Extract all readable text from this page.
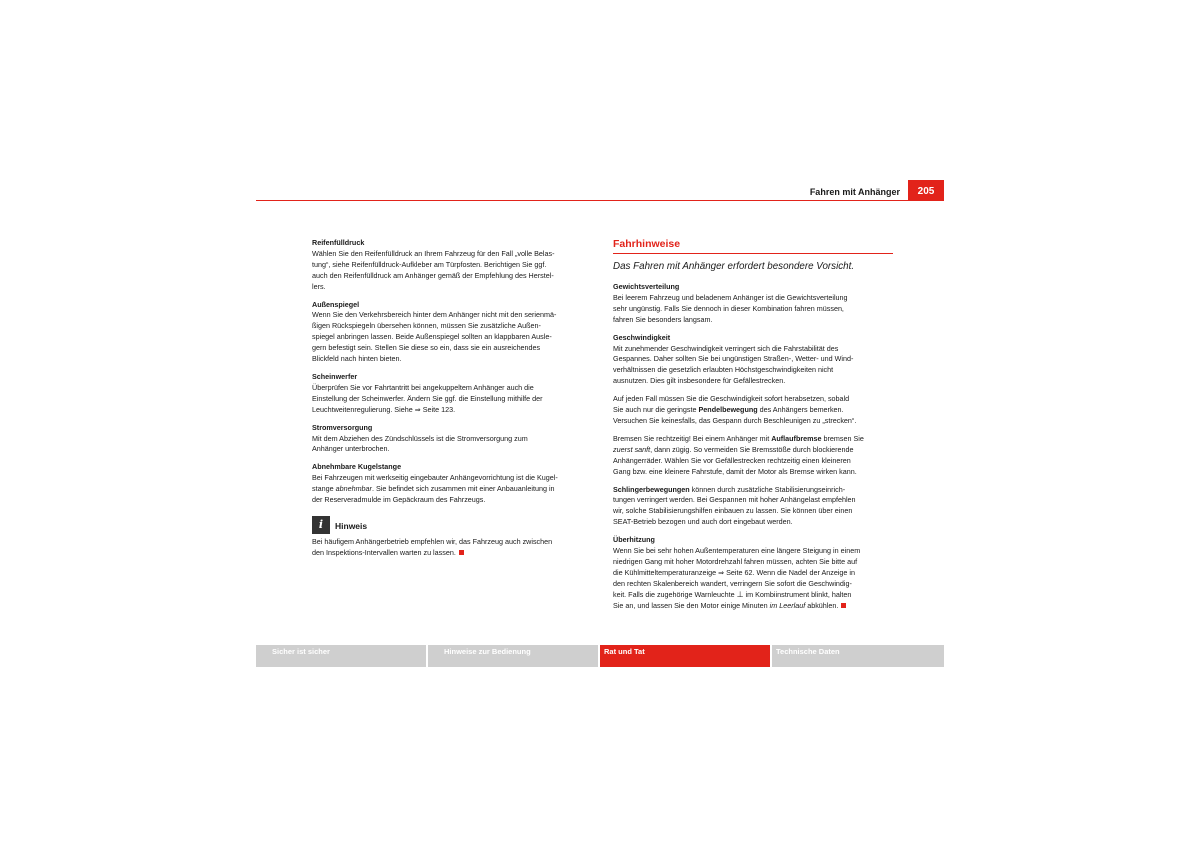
Fahren mit Anhänger	205
Reifenfülldruck
Wählen Sie den Reifenfülldruck an Ihrem Fahrzeug für den Fall „volle Belas-
tung“, siehe Reifenfülldruck-Aufkleber am Türpfosten. Berichtigen Sie ggf.
auch den Reifenfülldruck am Anhänger gemäß der Empfehlung des Herstel-
lers.
Außenspiegel
Wenn Sie den Verkehrsbereich hinter dem Anhänger nicht mit den serienmä-
ßigen Rückspiegeln übersehen können, müssen Sie zusätzliche Außen-
spiegel anbringen lassen. Beide Außenspiegel sollten an klappbaren Ausle-
gern befestigt sein. Stellen Sie diese so ein, dass sie ein ausreichendes
Blickfeld nach hinten bieten.
Scheinwerfer
Überprüfen Sie vor Fahrtantritt bei angekuppeltem Anhänger auch die
Einstellung der Scheinwerfer. Ändern Sie ggf. die Einstellung mithilfe der
Leuchtweitenregulierung. Siehe ⇒ Seite 123.
Stromversorgung
Mit dem Abziehen des Zündschlüssels ist die Stromversorgung zum
Anhänger unterbrochen.
Abnehmbare Kugelstange
Bei Fahrzeugen mit werkseitig eingebauter Anhängevorrichtung ist die Kugel-
stange abnehmbar. Sie befindet sich zusammen mit einer Anbauanleitung in
der Reserveradmulde im Gepäckraum des Fahrzeugs.
i	Hinweis
Bei häufigem Anhängerbetrieb empfehlen wir, das Fahrzeug auch zwischen
den Inspektions-Intervallen warten zu lassen.
Fahrhinweise
Das Fahren mit Anhänger erfordert besondere Vorsicht.
Gewichtsverteilung
Bei leerem Fahrzeug und beladenem Anhänger ist die Gewichtsverteilung
sehr ungünstig. Falls Sie dennoch in dieser Kombination fahren müssen,
fahren Sie besonders langsam.
Geschwindigkeit
Mit zunehmender Geschwindigkeit verringert sich die Fahrstabilität des
Gespannes. Daher sollten Sie bei ungünstigen Straßen-, Wetter- und Wind-
verhältnissen die gesetzlich erlaubten Höchstgeschwindigkeiten nicht
ausnutzen. Dies gilt insbesondere für Gefällestrecken.
Auf jeden Fall müssen Sie die Geschwindigkeit sofort herabsetzen, sobald
Sie auch nur die geringste Pendelbewegung des Anhängers bemerken.
Versuchen Sie keinesfalls, das Gespann durch Beschleunigen zu „strecken“.
Bremsen Sie rechtzeitig! Bei einem Anhänger mit Auflaufbremse bremsen Sie
zuerst sanft, dann zügig. So vermeiden Sie Bremsstöße durch blockierende
Anhängerräder. Wählen Sie vor Gefällestrecken rechtzeitig einen kleineren
Gang bzw. eine kleinere Fahrstufe, damit der Motor als Bremse wirken kann.
Schlingerbewegungen können durch zusätzliche Stabilisierungseinrich-
tungen verringert werden. Bei Gespannen mit hoher Anhängelast empfehlen
wir, solche Stabilisierungshilfen einbauen zu lassen. Sie können über einen
SEAT-Betrieb bezogen und auch dort eingebaut werden.
Überhitzung
Wenn Sie bei sehr hohen Außentemperaturen eine längere Steigung in einem
niedrigen Gang mit hoher Motordrehzahl fahren müssen, achten Sie bitte auf
die Kühlmitteltemperaturanzeige ⇒ Seite 62. Wenn die Nadel der Anzeige in
den rechten Skalenbereich wandert, verringern Sie sofort die Geschwindig-
keit. Falls die zugehörige Warnleuchte ⊥ im Kombiinstrument blinkt, halten
Sie an, und lassen Sie den Motor einige Minuten im Leerlauf abkühlen.
Sicher ist sicher	Hinweise zur Bedienung	Rat und Tat	Technische Daten
